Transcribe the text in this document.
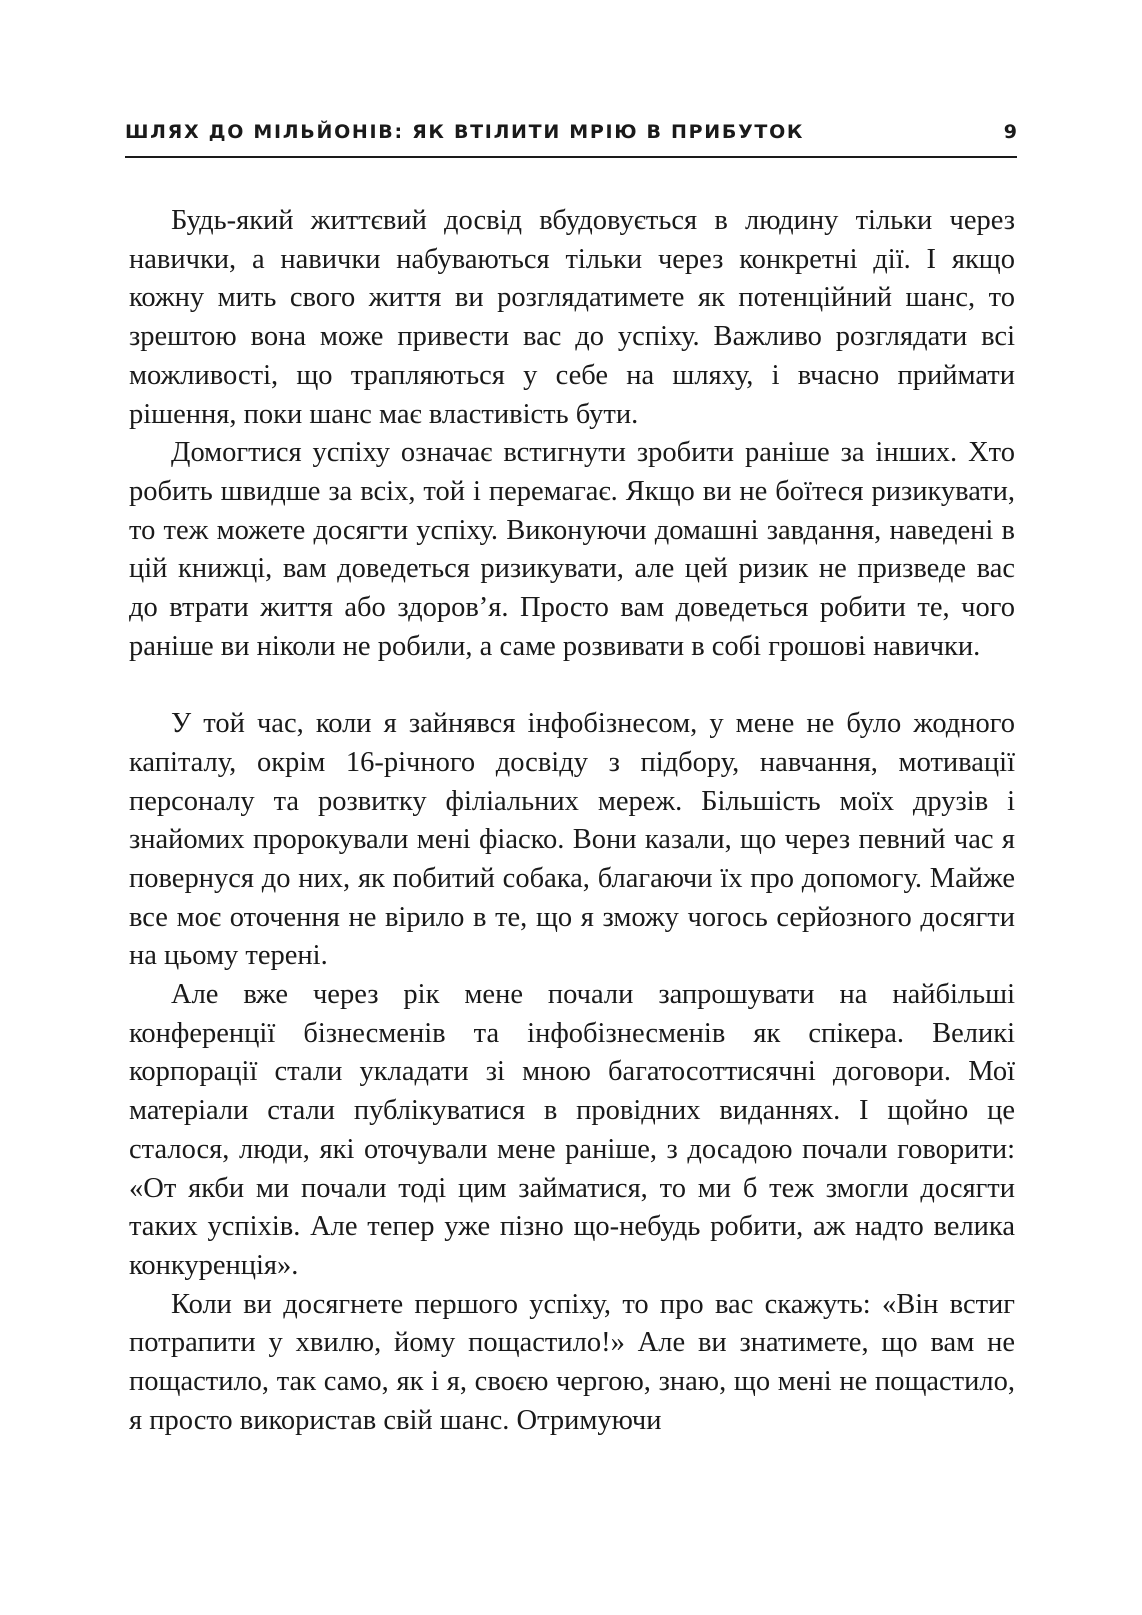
ШЛЯХ ДО МІЛЬЙОНІВ: ЯК ВТІЛИТИ МРІЮ В ПРИБУТОК	9

Будь-який життєвий досвід вбудовується в людину тільки через навички, а навички набуваються тільки через конкретні дії. І якщо кожну мить свого життя ви розглядатимете як потенційний шанс, то зрештою вона може привести вас до успіху. Важливо розглядати всі можливості, що трапляються у себе на шляху, і вчасно приймати рішення, поки шанс має властивість бути.

Домогтися успіху означає встигнути зробити раніше за інших. Хто робить швидше за всіх, той і перемагає. Якщо ви не боїтеся ризикувати, то теж можете досягти успіху. Виконуючи домашні завдання, наведені в цій книжці, вам доведеться ризикувати, але цей ризик не призведе вас до втрати життя або здоров’я. Просто вам доведеться робити те, чого раніше ви ніколи не робили, а саме розвивати в собі грошові навички.

У той час, коли я зайнявся інфобізнесом, у мене не було жодного капіталу, окрім 16-річного досвіду з підбору, навчання, мотивації персоналу та розвитку філіальних мереж. Більшість моїх друзів і знайомих пророкували мені фіаско. Вони казали, що через певний час я повернуся до них, як побитий собака, благаючи їх про допомогу. Майже все моє оточення не вірило в те, що я зможу чогось серйозного досягти на цьому терені.

Але вже через рік мене почали запрошувати на найбільші конференції бізнесменів та інфобізнесменів як спікера. Великі корпорації стали укладати зі мною багатосоттисячні договори. Мої матеріали стали публікуватися в провідних виданнях. І щойно це сталося, люди, які оточували мене раніше, з досадою почали говорити: «От якби ми почали тоді цим займатися, то ми б теж змогли досягти таких успіхів. Але тепер уже пізно що-небудь робити, аж надто велика конкуренція».

Коли ви досягнете першого успіху, то про вас скажуть: «Він встиг потрапити у хвилю, йому пощастило!» Але ви знатимете, що вам не пощастило, так само, як і я, своєю чергою, знаю, що мені не пощастило, я просто використав свій шанс. Отримуючи
